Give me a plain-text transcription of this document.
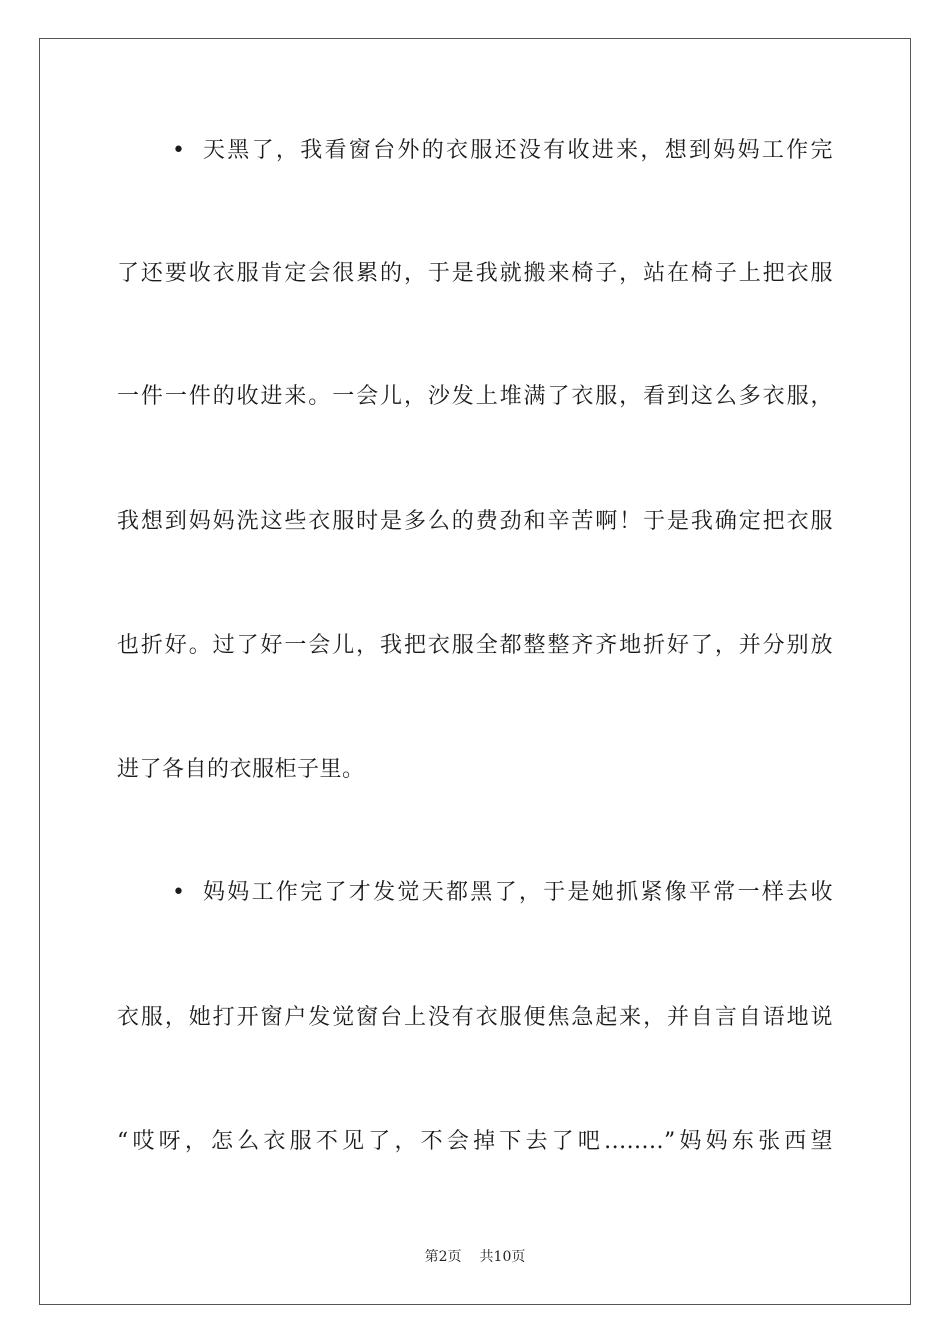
• 天黑了，我看窗台外的衣服还没有收进来，想到妈妈工作完
了还要收衣服肯定会很累的，于是我就搬来椅子，站在椅子上把衣服
一件一件的收进来。一会儿，沙发上堆满了衣服，看到这么多衣服，
我想到妈妈洗这些衣服时是多么的费劲和辛苦啊！于是我确定把衣服
也折好。过了好一会儿，我把衣服全都整整齐齐地折好了，并分别放
进了各自的衣服柜子里。
• 妈妈工作完了才发觉天都黑了，于是她抓紧像平常一样去收
衣服，她打开窗户发觉窗台上没有衣服便焦急起来，并自言自语地说
“哎呀，怎么衣服不见了，不会掉下去了吧........”妈妈东张西望
第2页 共10页
